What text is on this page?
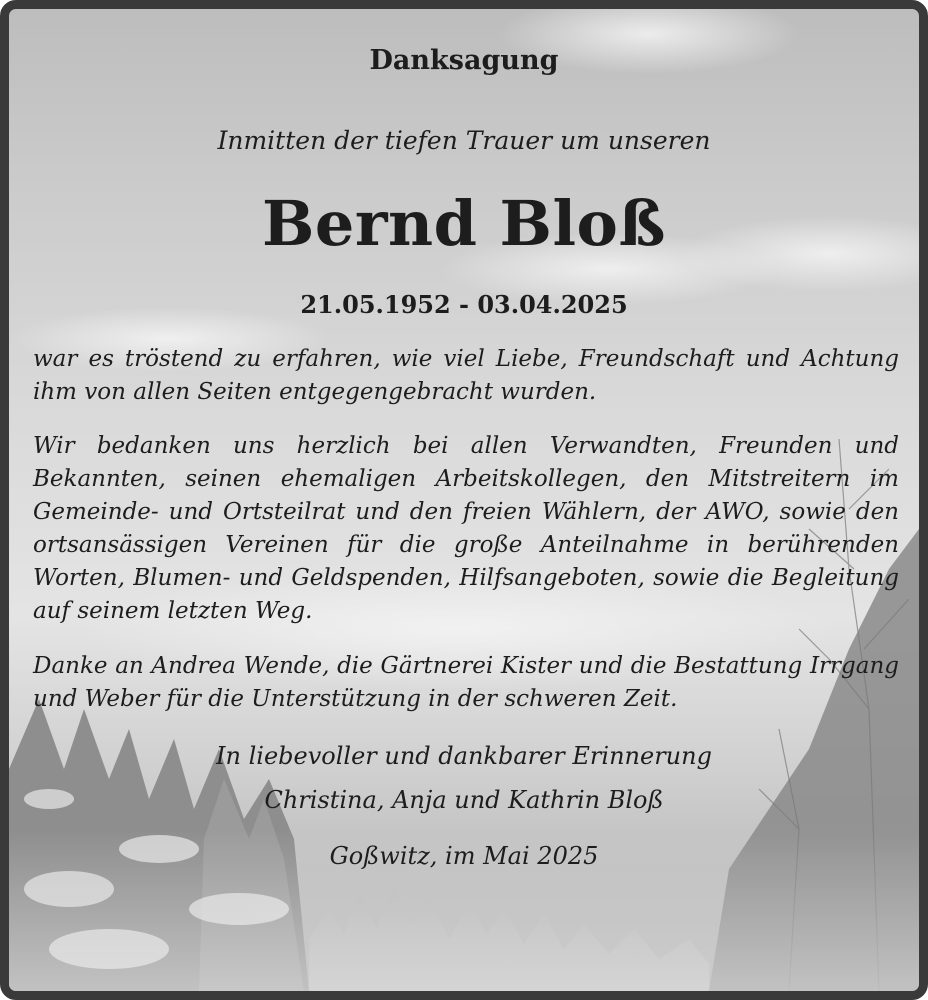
Danksagung
Inmitten der tiefen Trauer um unseren
Bernd Bloß
21.05.1952 - 03.04.2025
war es tröstend zu erfahren, wie viel Liebe, Freundschaft und Achtung ihm von allen Seiten entgegengebracht wurden.
Wir bedanken uns herzlich bei allen Verwandten, Freunden und Bekannten, seinen ehemaligen Arbeitskollegen, den Mitstreitern im Gemeinde- und Ortsteilrat und den freien Wählern, der AWO, sowie den ortsansässigen Vereinen für die große Anteilnahme in berührenden Worten, Blumen- und Geldspenden, Hilfsangeboten, sowie die Begleitung auf seinem letzten Weg.
Danke an Andrea Wende, die Gärtnerei Kister und die Bestattung Irrgang und Weber für die Unterstützung in der schweren Zeit.
In liebevoller und dankbarer Erinnerung
Christina, Anja und Kathrin Bloß
Goßwitz, im Mai 2025
